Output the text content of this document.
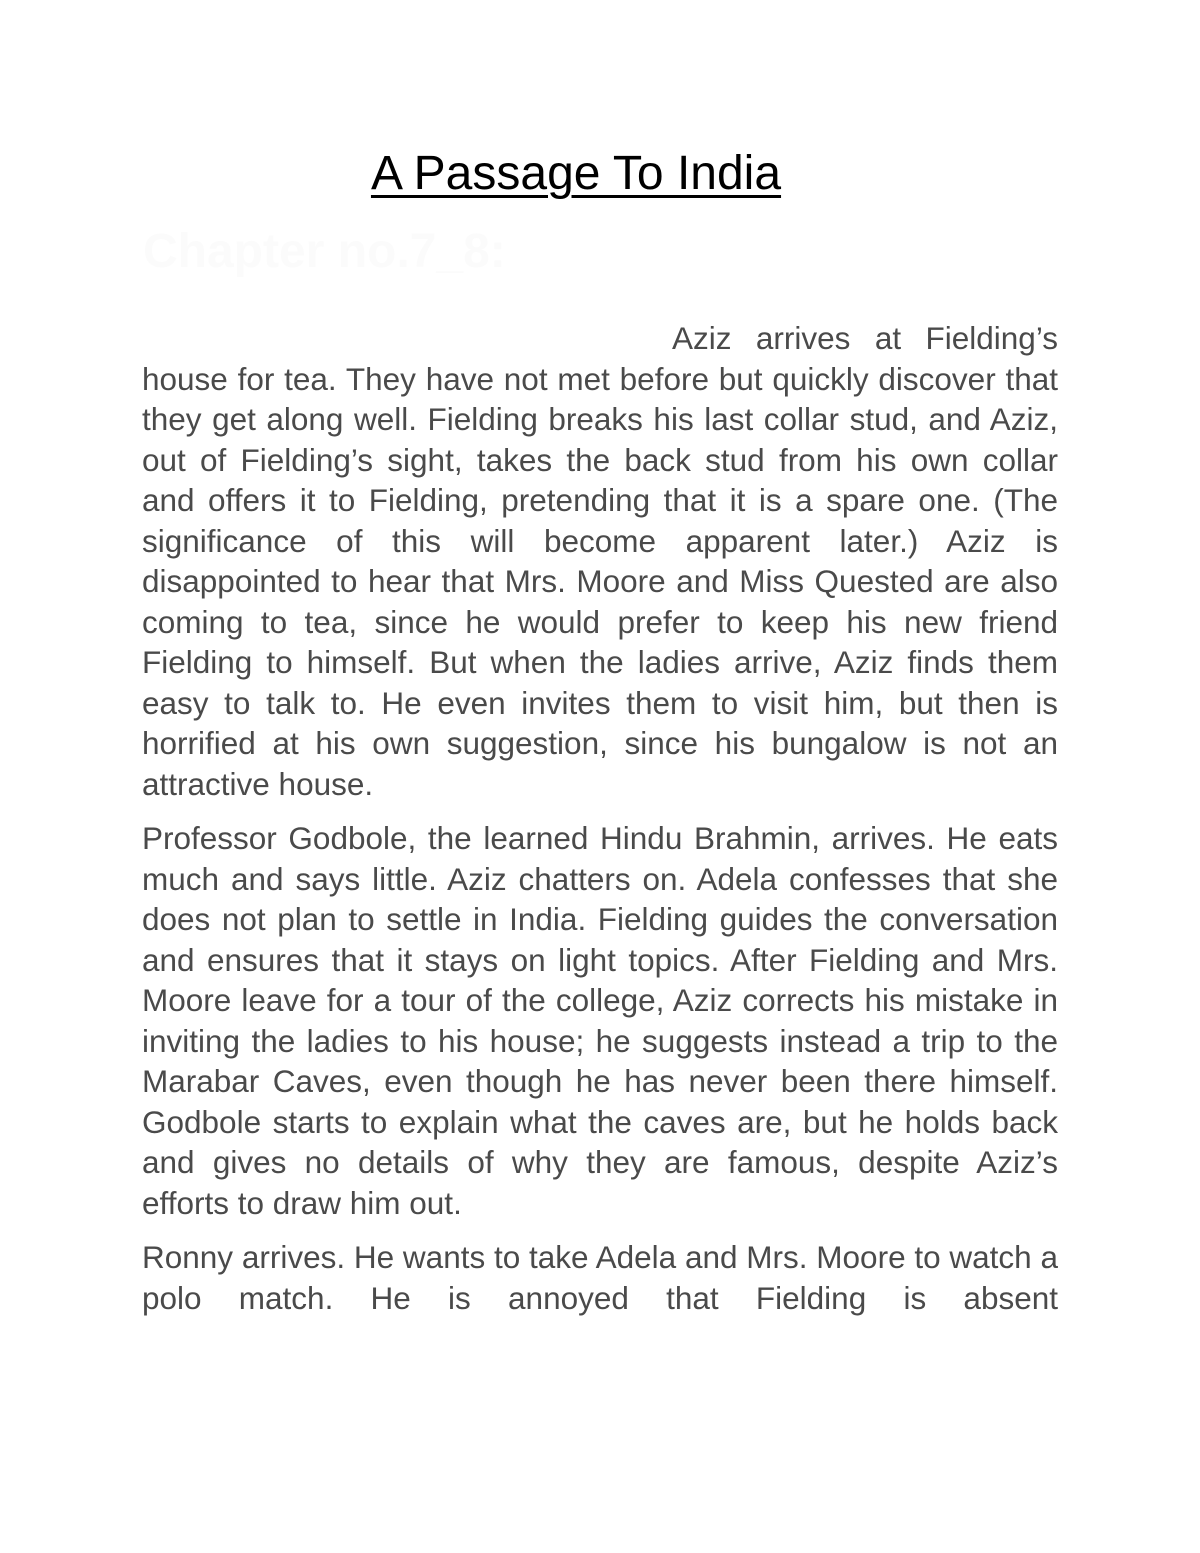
A Passage To India
Chapter no.7_8:

Aziz arrives at Fielding’s house for tea. They have not met before but quickly discover that they get along well. Fielding breaks his last collar stud, and Aziz, out of Fielding’s sight, takes the back stud from his own collar and offers it to Fielding, pretending that it is a spare one. (The significance of this will become apparent later.) Aziz is disappointed to hear that Mrs. Moore and Miss Quested are also coming to tea, since he would prefer to keep his new friend Fielding to himself. But when the ladies arrive, Aziz finds them easy to talk to. He even invites them to visit him, but then is horrified at his own suggestion, since his bungalow is not an attractive house.

Professor Godbole, the learned Hindu Brahmin, arrives. He eats much and says little. Aziz chatters on. Adela confesses that she does not plan to settle in India. Fielding guides the conversation and ensures that it stays on light topics. After Fielding and Mrs. Moore leave for a tour of the college, Aziz corrects his mistake in inviting the ladies to his house; he suggests instead a trip to the Marabar Caves, even though he has never been there himself. Godbole starts to explain what the caves are, but he holds back and gives no details of why they are famous, despite Aziz’s efforts to draw him out.

Ronny arrives. He wants to take Adela and Mrs. Moore to watch a polo match. He is annoyed that Fielding is absent
